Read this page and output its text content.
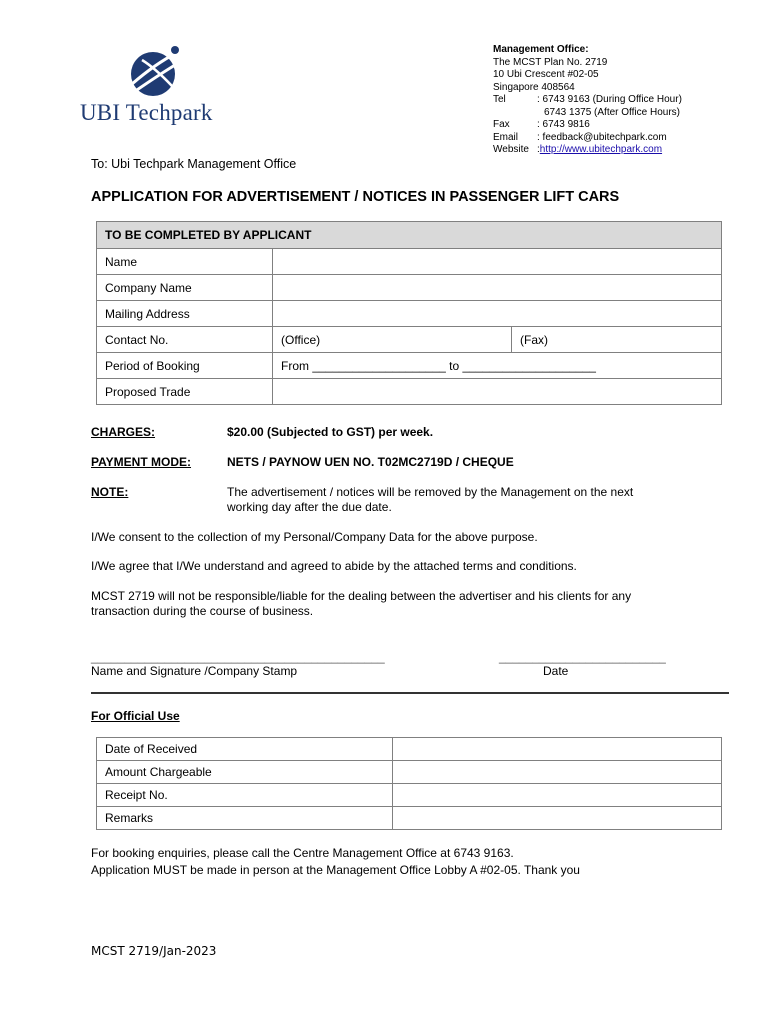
UBI Techpark
Management Office:
The MCST Plan No. 2719
10 Ubi Crescent #02-05
Singapore 408564
Tel	: 6743 9163 (During Office Hour)
6743 1375 (After Office Hours)
Fax	: 6743 9816
Email	: feedback@ubitechpark.com
Website : http://www.ubitechpark.com
To: Ubi Techpark Management Office
APPLICATION FOR ADVERTISEMENT / NOTICES IN PASSENGER LIFT CARS
TO BE COMPLETED BY APPLICANT		
Name		
Company Name		
Mailing Address		
Contact No.	(Office)	(Fax)
Period of Booking	From ____________________ to ____________________	
Proposed Trade		
CHARGES:	$20.00 (Subjected to GST) per week.
PAYMENT MODE:	NETS / PAYNOW UEN NO. T02MC2719D / CHEQUE
NOTE:	The advertisement / notices will be removed by the Management on the next
working day after the due date.
I/We consent to the collection of my Personal/Company Data for the above purpose.
I/We agree that I/We understand and agreed to abide by the attached terms and conditions.
MCST 2719 will not be responsible/liable for the dealing between the advertiser and his clients for any
transaction during the course of business.
____________________________________________
Name and Signature /Company Stamp
_________________________
Date
For Official Use
Date of Received	
Amount Chargeable	
Receipt No.	
Remarks	
For booking enquiries, please call the Centre Management Office at 6743 9163.
Application MUST be made in person at the Management Office Lobby A #02-05. Thank you
MCST 2719/Jan-2023
